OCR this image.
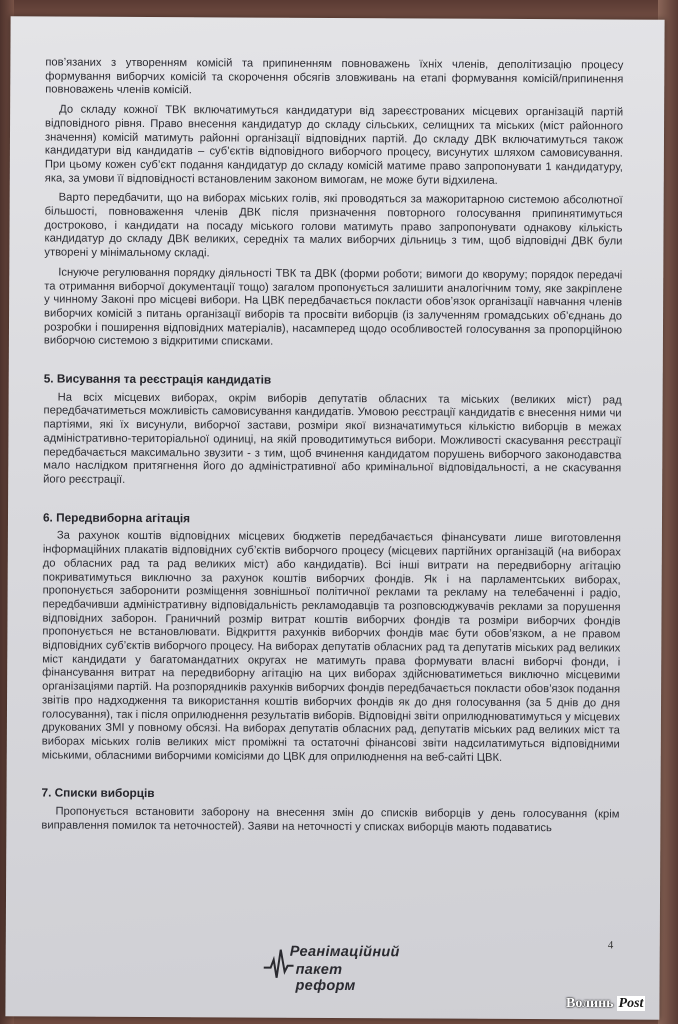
пов’язаних з утворенням комісій та припиненням повноважень їхніх членів, деполітизацію процесу формування виборчих комісій та скорочення обсягів зловживань на етапі формування комісій/припинення повноважень членів комісій.

До складу кожної ТВК включатимуться кандидатури від зареєстрованих місцевих організацій партій відповідного рівня. Право внесення кандидатур до складу сільських, селищних та міських (міст районного значення) комісій матимуть районні організації відповідних партій. До складу ДВК включатимуться також кандидатури від кандидатів – суб’єктів відповідного виборчого процесу, висунутих шляхом самовисування. При цьому кожен суб’єкт подання кандидатур до складу комісій матиме право запропонувати 1 кандидатуру, яка, за умови її відповідності встановленим законом вимогам, не може бути відхилена.

Варто передбачити, що на виборах міських голів, які проводяться за мажоритарною системою абсолютної більшості, повноваження членів ДВК після призначення повторного голосування припинятимуться достроково, і кандидати на посаду міського голови матимуть право запропонувати однакову кількість кандидатур до складу ДВК великих, середніх та малих виборчих дільниць з тим, щоб відповідні ДВК були утворені у мінімальному складі.

Існуюче регулювання порядку діяльності ТВК та ДВК (форми роботи; вимоги до кворуму; порядок передачі та отримання виборчої документації тощо) загалом пропонується залишити аналогічним тому, яке закріплене у чинному Законі про місцеві вибори. На ЦВК передбачається покласти обов’язок організації навчання членів виборчих комісій з питань організації виборів та просвіти виборців (із залученням громадських об’єднань до розробки і поширення відповідних матеріалів), насамперед щодо особливостей голосування за пропорційною виборчою системою з відкритими списками.

5. Висування та реєстрація кандидатів

На всіх місцевих виборах, окрім виборів депутатів обласних та міських (великих міст) рад передбачатиметься можливість самовисування кандидатів. Умовою реєстрації кандидатів є внесення ними чи партіями, які їх висунули, виборчої застави, розміри якої визначатимуться кількістю виборців в межах адміністративно-територіальної одиниці, на якій проводитимуться вибори. Можливості скасування реєстрації передбачається максимально звузити - з тим, щоб вчинення кандидатом порушень виборчого законодавства мало наслідком притягнення його до адміністративної або кримінальної відповідальності, а не скасування його реєстрації.

6. Передвиборна агітація

За рахунок коштів відповідних місцевих бюджетів передбачається фінансувати лише виготовлення інформаційних плакатів відповідних суб’єктів виборчого процесу (місцевих партійних організацій (на виборах до обласних рад та рад великих міст) або кандидатів). Всі інші витрати на передвиборну агітацію покриватимуться виключно за рахунок коштів виборчих фондів. Як і на парламентських виборах, пропонується заборонити розміщення зовнішньої політичної реклами та рекламу на телебаченні і радіо, передбачивши адміністративну відповідальність рекламодавців та розповсюджувачів реклами за порушення відповідних заборон. Граничний розмір витрат коштів виборчих фондів та розміри виборчих фондів пропонується не встановлювати. Відкриття рахунків виборчих фондів має бути обов’язком, а не правом відповідних суб’єктів виборчого процесу. На виборах депутатів обласних рад та депутатів міських рад великих міст кандидати у багатомандатних округах не матимуть права формувати власні виборчі фонди, і фінансування витрат на передвиборну агітацію на цих виборах здійснюватиметься виключно місцевими організаціями партій. На розпорядників рахунків виборчих фондів передбачається покласти обов’язок подання звітів про надходження та використання коштів виборчих фондів як до дня голосування (за 5 днів до дня голосування), так і після оприлюднення результатів виборів. Відповідні звіти оприлюднюватимуться у місцевих друкованих ЗМІ у повному обсязі. На виборах депутатів обласних рад, депутатів міських рад великих міст та виборах міських голів великих міст проміжні та остаточні фінансові звіти надсилатимуться відповідними міськими, обласними виборчими комісіями до ЦВК для оприлюднення на веб-сайті ЦВК.

7. Списки виборців

Пропонується встановити заборону на внесення змін до списків виборців у день голосування (крім виправлення помилок та неточностей). Заяви на неточності у списках виборців мають подаватись

4
Реанімаційний
пакет реформ
Волинь Post
